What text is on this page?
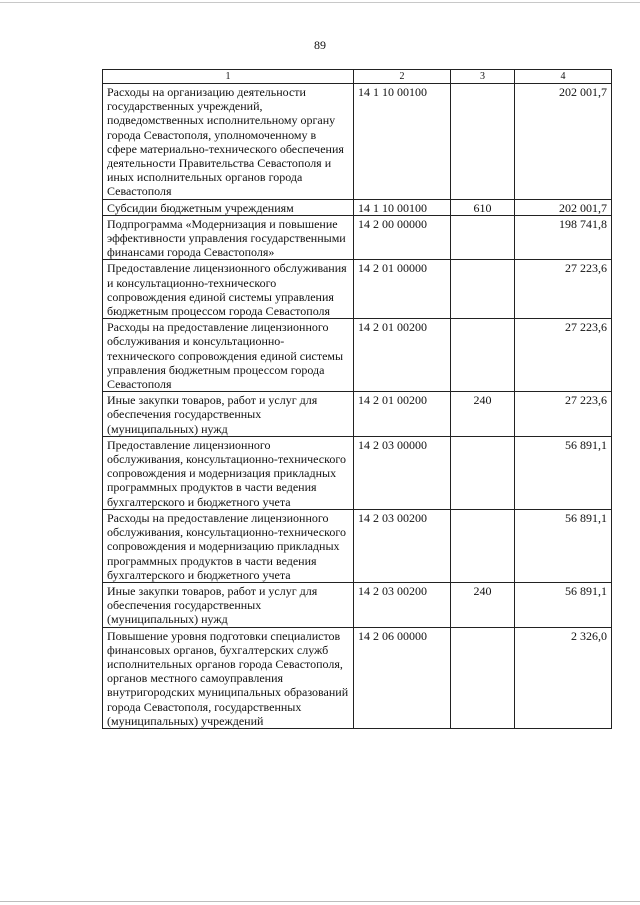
89
1	2	3	4
Расходы на организацию деятельности государственных учреждений, подведомственных исполнительному органу города Севастополя, уполномоченному в сфере материально-технического обеспечения деятельности Правительства Севастополя и иных исполнительных органов города Севастополя	14 1 10 00100		202 001,7
Субсидии бюджетным учреждениям	14 1 10 00100	610	202 001,7
Подпрограмма «Модернизация и повышение эффективности управления государственными финансами города Севастополя»	14 2 00 00000		198 741,8
Предоставление лицензионного обслуживания и консультационно-технического сопровождения единой системы управления бюджетным процессом города Севастополя	14 2 01 00000		27 223,6
Расходы на предоставление лицензионного обслуживания и консультационно-технического сопровождения единой системы управления бюджетным процессом города Севастополя	14 2 01 00200		27 223,6
Иные закупки товаров, работ и услуг для обеспечения государственных (муниципальных) нужд	14 2 01 00200	240	27 223,6
Предоставление лицензионного обслуживания, консультационно-технического сопровождения и модернизация прикладных программных продуктов в части ведения бухгалтерского и бюджетного учета	14 2 03 00000		56 891,1
Расходы на предоставление лицензионного обслуживания, консультационно-технического сопровождения и модернизацию прикладных программных продуктов в части ведения бухгалтерского и бюджетного учета	14 2 03 00200		56 891,1
Иные закупки товаров, работ и услуг для обеспечения государственных (муниципальных) нужд	14 2 03 00200	240	56 891,1
Повышение уровня подготовки специалистов финансовых органов, бухгалтерских служб исполнительных органов города Севастополя, органов местного самоуправления внутригородских муниципальных образований города Севастополя, государственных (муниципальных) учреждений	14 2 06 00000		2 326,0
